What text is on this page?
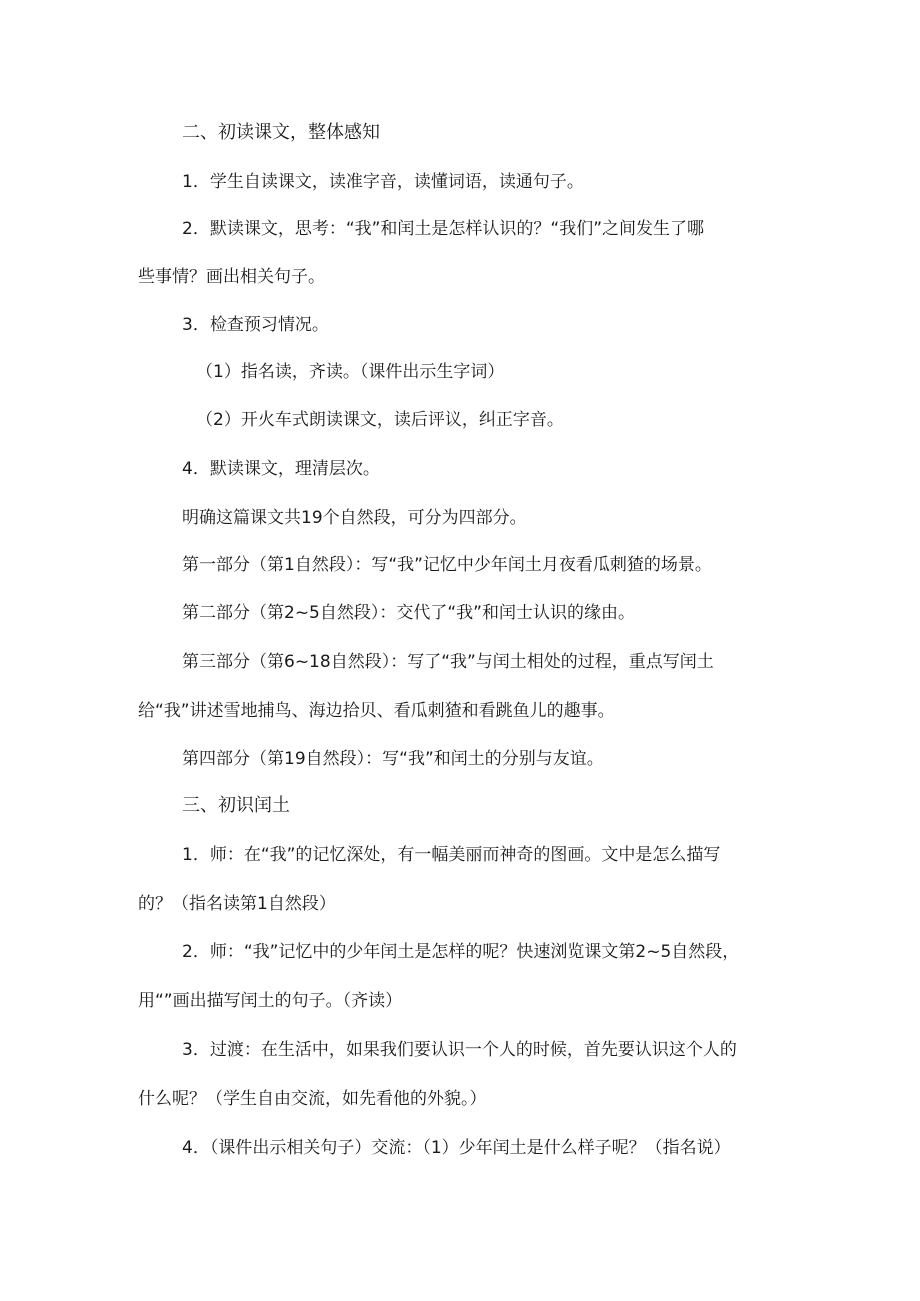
二、初读课文，整体感知
1．学生自读课文，读准字音，读懂词语，读通句子。
2．默读课文，思考：“我”和闰土是怎样认识的？“我们”之间发生了哪
些事情？画出相关句子。
3．检查预习情况。
（1）指名读，齐读。（课件出示生字词）
（2）开火车式朗读课文，读后评议，纠正字音。
4．默读课文，理清层次。
明确这篇课文共19个自然段，可分为四部分。
第一部分（第1自然段）：写“我”记忆中少年闰土月夜看瓜刺猹的场景。
第二部分（第2~5自然段）：交代了“我”和闰士认识的缘由。
第三部分（第6~18自然段）：写了“我”与闰土相处的过程，重点写闰土
给“我”讲述雪地捕鸟、海边拾贝、看瓜刺猹和看跳鱼儿的趣事。
第四部分（第19自然段）：写“我”和闰土的分别与友谊。
三、初识闰土
1．师：在“我”的记忆深处，有一幅美丽而神奇的图画。文中是怎么描写
的？（指名读第1自然段）
2．师：“我”记忆中的少年闰土是怎样的呢？快速浏览课文第2~5自然段，
用“”画出描写闰土的句子。（齐读）
3．过渡：在生活中，如果我们要认识一个人的时候，首先要认识这个人的
什么呢？（学生自由交流，如先看他的外貌。）
4．（课件出示相关句子）交流：（1）少年闰土是什么样子呢？（指名说）
